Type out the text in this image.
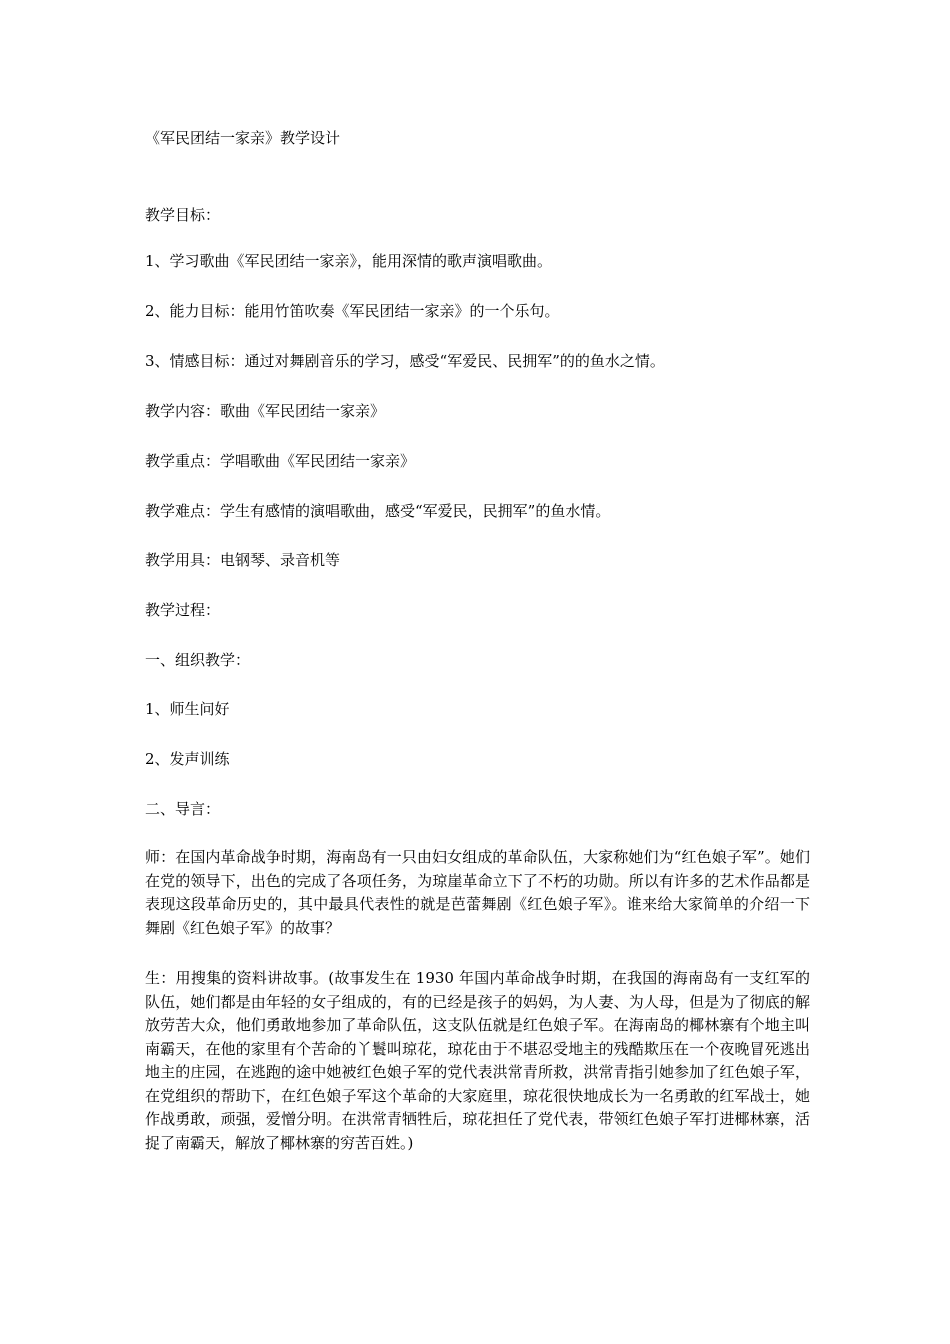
《军民团结一家亲》教学设计

教学目标：

1、学习歌曲《军民团结一家亲》，能用深情的歌声演唱歌曲。

2、能力目标：能用竹笛吹奏《军民团结一家亲》的一个乐句。

3、情感目标：通过对舞剧音乐的学习，感受“军爱民、民拥军”的的鱼水之情。

教学内容：歌曲《军民团结一家亲》

教学重点：学唱歌曲《军民团结一家亲》

教学难点：学生有感情的演唱歌曲，感受“军爱民，民拥军”的鱼水情。

教学用具：电钢琴、录音机等

教学过程：

一、组织教学：

1、师生问好

2、发声训练

二、导言：

师：在国内革命战争时期，海南岛有一只由妇女组成的革命队伍，大家称她们为“红色娘子军”。她们在党的领导下，出色的完成了各项任务，为琼崖革命立下了不朽的功勋。所以有许多的艺术作品都是表现这段革命历史的，其中最具代表性的就是芭蕾舞剧《红色娘子军》。谁来给大家简单的介绍一下舞剧《红色娘子军》的故事？

生：用搜集的资料讲故事。(故事发生在 1930 年国内革命战争时期，在我国的海南岛有一支红军的队伍，她们都是由年轻的女子组成的，有的已经是孩子的妈妈，为人妻、为人母，但是为了彻底的解放劳苦大众，他们勇敢地参加了革命队伍，这支队伍就是红色娘子军。在海南岛的椰林寨有个地主叫南霸天，在他的家里有个苦命的丫鬟叫琼花，琼花由于不堪忍受地主的残酷欺压在一个夜晚冒死逃出地主的庄园，在逃跑的途中她被红色娘子军的党代表洪常青所救，洪常青指引她参加了红色娘子军，在党组织的帮助下，在红色娘子军这个革命的大家庭里，琼花很快地成长为一名勇敢的红军战士，她作战勇敢，顽强，爱憎分明。在洪常青牺牲后，琼花担任了党代表，带领红色娘子军打进椰林寨，活捉了南霸天，解放了椰林寨的穷苦百姓。)
